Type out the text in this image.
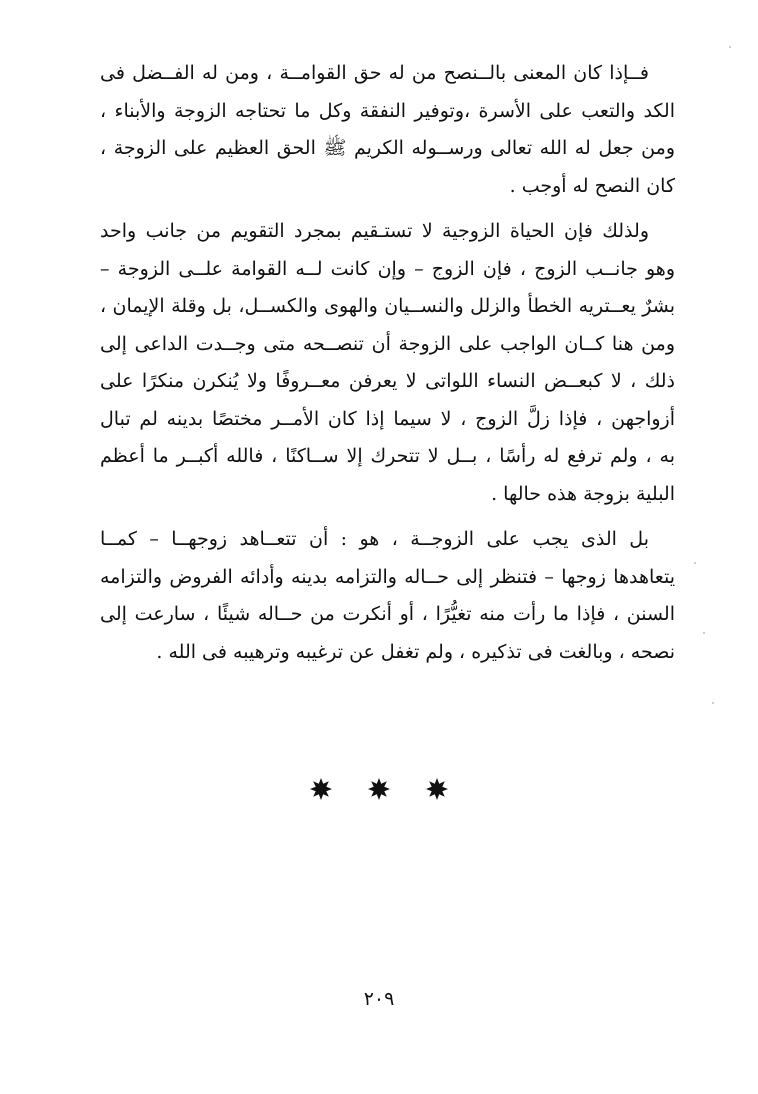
فــإذا كان المعنى بالــنصح من له حق القوامــة ، ومن له الفــضل فى
الكد والتعب على الأسرة ،وتوفير النفقة وكل ما تحتاجه الزوجة والأبناء ،
ومن جعل له الله تعالى ورســوله الكريم ﷺ الحق العظيم على الزوجة ،
كان النصح له أوجب .
ولذلك فإن الحياة الزوجية لا تستـقيم بمجرد التقويم من جانب واحد
وهو جانــب الزوج ، فإن الزوج – وإن كانت لــه القوامة علــى الزوجة –
بشرٌ يعــتريه الخطأ والزلل والنســيان والهوى والكســل، بل وقلة الإيمان ،
ومن هنا كــان الواجب على الزوجة أن تنصــحه متى وجــدت الداعى إلى
ذلك ، لا كبعــض النساء اللواتى لا يعرفن معــروفًا ولا يُنكرن منكرًا على
أزواجهن ، فإذا زلَّ الزوج ، لا سيما إذا كان الأمــر مختصًا بدينه لم تبال
به ، ولم ترفع له رأسًا ، بــل لا تتحرك إلا ســاكنًا ، فالله أكبــر ما أعظم
البلية بزوجة هذه حالها .
بل الذى يجب على الزوجــة ، هو : أن تتعــاهد زوجهــا – كمــا
يتعاهدها زوجها – فتنظر إلى حــاله والتزامه بدينه وأدائه الفروض والتزامه
السنن ، فإذا ما رأت منه تغيُّرًا ، أو أنكرت من حــاله شيئًا ، سارعت إلى
نصحه ، وبالغت فى تذكيره ، ولم تغفل عن ترغيبه وترهيبه فى الله .
٢٠٩
